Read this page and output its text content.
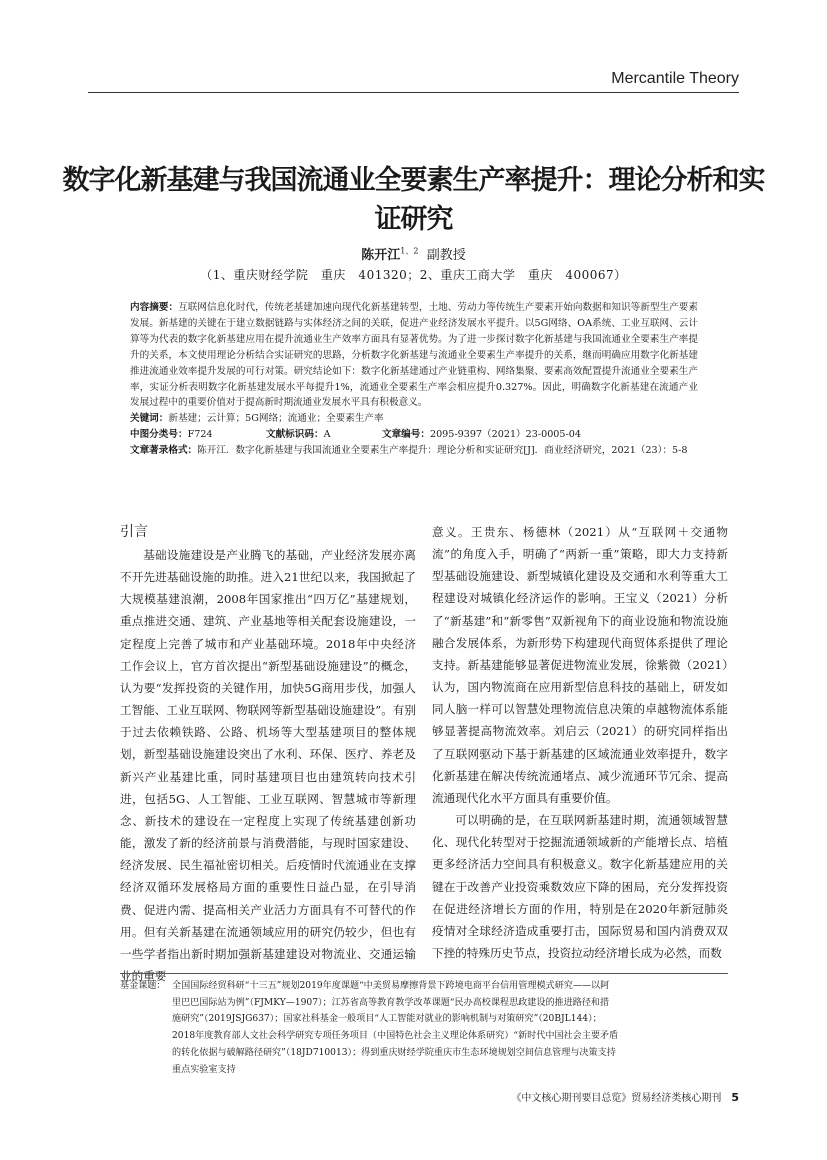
Mercantile Theory
数字化新基建与我国流通业全要素生产率提升：理论分析和实证研究
陈开江$^{1、2}$ 副教授
（1、重庆财经学院　重庆　401320；2、重庆工商大学　重庆　400067）
内容摘要：互联网信息化时代，传统老基建加速向现代化新基建转型，土地、劳动力等传统生产要素开始向数据和知识等新型生产要素发展。新基建的关键在于建立数据链路与实体经济之间的关联，促进产业经济发展水平提升。以5G网络、OA系统、工业互联网、云计算等为代表的数字化新基建应用在提升流通业生产效率方面具有显著优势。为了进一步探讨数字化新基建与我国流通业全要素生产率提升的关系，本文使用理论分析结合实证研究的思路，分析数字化新基建与流通业全要素生产率提升的关系，继而明确应用数字化新基建推进流通业效率提升发展的可行对策。研究结论如下：数字化新基建通过产业链重构、网络集聚、要素高效配置提升流通业全要素生产率，实证分析表明数字化新基建发展水平每提升1%，流通业全要素生产率会相应提升0.327%。因此，明确数字化新基建在流通产业发展过程中的重要价值对于提高新时期流通业发展水平具有积极意义。
关键词：新基建；云计算；5G网络；流通业；全要素生产率
中图分类号：F724	文献标识码：A	文章编号：2095-9397（2021）23-0005-04
文章著录格式：陈开江．数字化新基建与我国流通业全要素生产率提升：理论分析和实证研究[J]．商业经济研究，2021（23）：5-8
引言

基础设施建设是产业腾飞的基础，产业经济发展亦离不开先进基础设施的助推。进入21世纪以来，我国掀起了大规模基建浪潮，2008年国家推出“四万亿”基建规划，重点推进交通、建筑、产业基地等相关配套设施建设，一定程度上完善了城市和产业基础环境。2018年中央经济工作会议上，官方首次提出“新型基础设施建设”的概念，认为要“发挥投资的关键作用，加快5G商用步伐，加强人工智能、工业互联网、物联网等新型基础设施建设”。有别于过去依赖铁路、公路、机场等大型基建项目的整体规划，新型基础设施建设突出了水利、环保、医疗、养老及新兴产业基建比重，同时基建项目也由建筑转向技术引进，包括5G、人工智能、工业互联网、智慧城市等新理念、新技术的建设在一定程度上实现了传统基建创新功能，激发了新的经济前景与消费潜能，与现时国家建设、经济发展、民生福祉密切相关。后疫情时代流通业在支撑经济双循环发展格局方面的重要性日益凸显，在引导消费、促进内需、提高相关产业活力方面具有不可替代的作用。但有关新基建在流通领域应用的研究仍较少，但也有一些学者指出新时期加强新基建建设对物流业、交通运输业的重要

意义。王贵东、杨德林（2021）从“互联网＋交通物流”的角度入手，明确了“两新一重”策略，即大力支持新型基础设施建设、新型城镇化建设及交通和水利等重大工程建设对城镇化经济运作的影响。王宝义（2021）分析了“新基建”和“新零售”双新视角下的商业设施和物流设施融合发展体系，为新形势下构建现代商贸体系提供了理论支持。新基建能够显著促进物流业发展，徐紫微（2021）认为，国内物流商在应用新型信息科技的基础上，研发如同人脑一样可以智慧处理物流信息决策的卓越物流体系能够显著提高物流效率。刘启云（2021）的研究同样指出了互联网驱动下基于新基建的区域流通业效率提升，数字化新基建在解决传统流通堵点、减少流通环节冗余、提高流通现代化水平方面具有重要价值。

可以明确的是，在互联网新基建时期，流通领域智慧化、现代化转型对于挖掘流通领域新的产能增长点、培植更多经济活力空间具有积极意义。数字化新基建应用的关键在于改善产业投资乘数效应下降的困局，充分发挥投资在促进经济增长方面的作用，特别是在2020年新冠肺炎疫情对全球经济造成重要打击，国际贸易和国内消费双双下挫的特殊历史节点，投资拉动经济增长成为必然，而数

基金课题： 全国国际经贸科研“十三五”规划2019年度课题“中美贸易摩擦背景下跨境电商平台信用管理模式研究——以阿
里巴巴国际站为例”（FJMKY—1907）；江苏省高等教育教学改革课题“民办高校课程思政建设的推进路径和措
施研究”（2019JSJG637）；国家社科基金一般项目“人工智能对就业的影响机制与对策研究”（20BJL144）；
2018年度教育部人文社会科学研究专项任务项目（中国特色社会主义理论体系研究）“新时代中国社会主要矛盾
的转化依据与破解路径研究”（18JD710013）；得到重庆财经学院重庆市生态环境规划空间信息管理与决策支持
重点实验室支持
《中文核心期刊要目总览》贸易经济类核心期刊 5
